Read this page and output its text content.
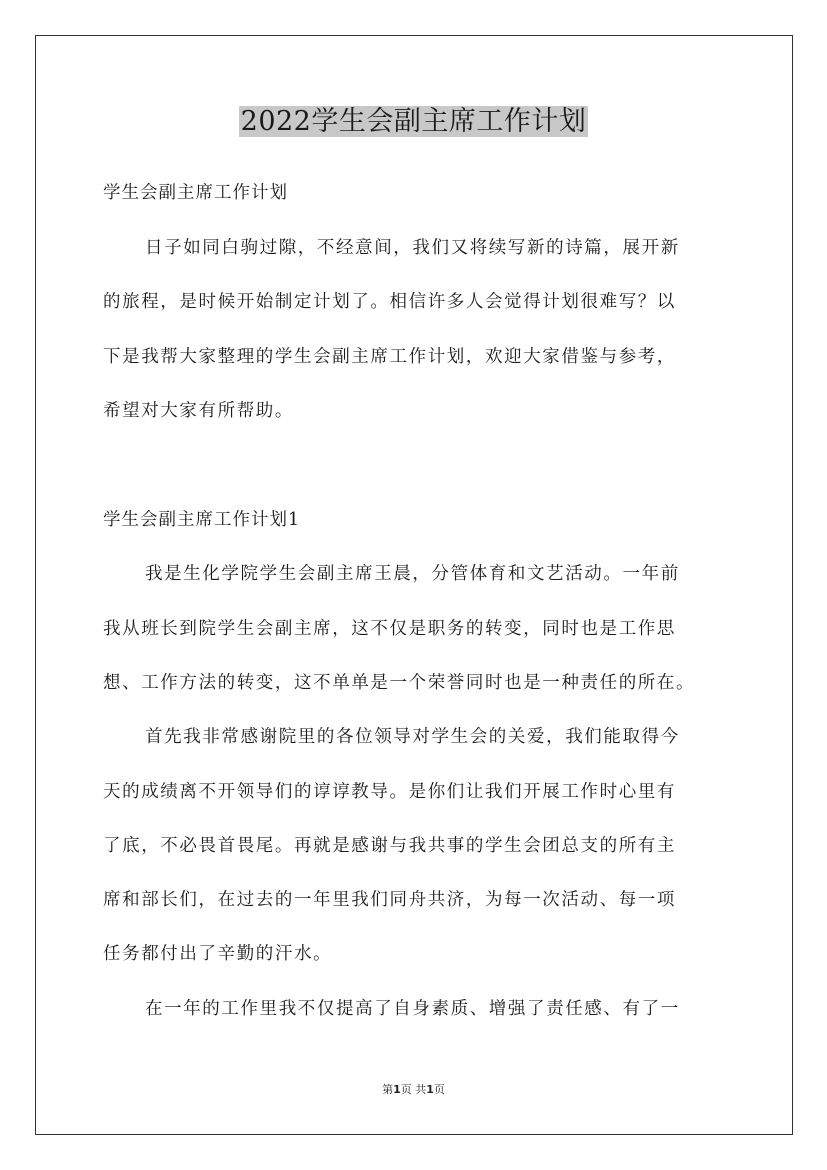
2022学生会副主席工作计划
学生会副主席工作计划
日子如同白驹过隙，不经意间，我们又将续写新的诗篇，展开新
的旅程，是时候开始制定计划了。相信许多人会觉得计划很难写？以
下是我帮大家整理的学生会副主席工作计划，欢迎大家借鉴与参考，
希望对大家有所帮助。
学生会副主席工作计划1
我是生化学院学生会副主席王晨，分管体育和文艺活动。一年前
我从班长到院学生会副主席，这不仅是职务的转变，同时也是工作思
想、工作方法的转变，这不单单是一个荣誉同时也是一种责任的所在。
首先我非常感谢院里的各位领导对学生会的关爱，我们能取得今
天的成绩离不开领导们的谆谆教导。是你们让我们开展工作时心里有
了底，不必畏首畏尾。再就是感谢与我共事的学生会团总支的所有主
席和部长们，在过去的一年里我们同舟共济，为每一次活动、每一项
任务都付出了辛勤的汗水。
在一年的工作里我不仅提高了自身素质、增强了责任感、有了一
第1页 共1页
